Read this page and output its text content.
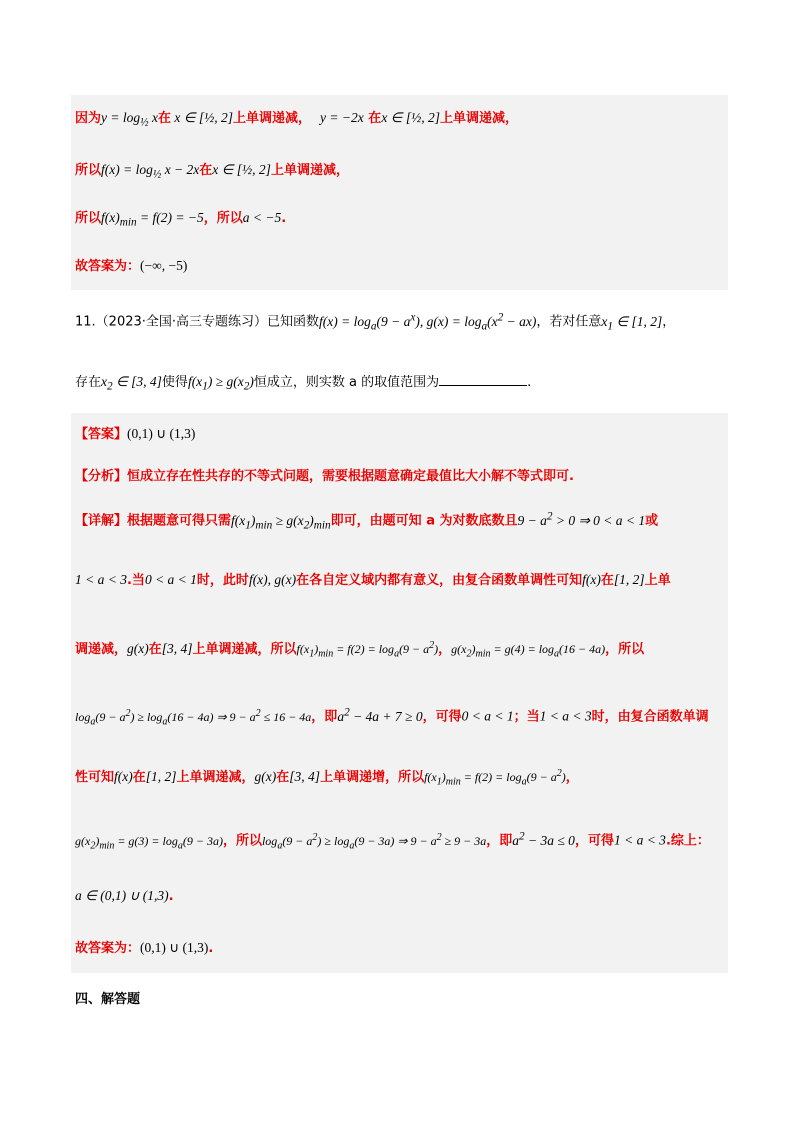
因为$y = \log_{\frac{1}{2}} x$在 x ∈ [½, 2]上单调递减， y = −2x 在x ∈ [½, 2]上单调递减，
所以$f(x) = \log_{\frac{1}{2}} x - 2x$在x ∈ [½, 2]上单调递减，
所以$f(x)_{min} = f(2) = -5$，所以a < −5.
故答案为：(−∞, −5)
11.（2023·全国·高三专题练习）已知函数$f(x) = \log_a(9 - a^x)$, $g(x) = \log_a(x^2 - ax)$，若对任意$x_1$ ∈ [1, 2]，
存在$x_2$ ∈ [3, 4]使得$f(x_1) \ge g(x_2)$恒成立，则实数 a 的取值范围为	.
【答案】(0,1) ∪ (1,3)
【分析】恒成立存在性共存的不等式问题，需要根据题意确定最值比大小解不等式即可.
【详解】根据题意可得只需$f(x_1)_{min} \ge g(x_2)_{min}$即可，由题可知 a 为对数底数且$9 - a^2 > 0$ ⇒ 0 < a < 1或
1 < a < 3.当0 < a < 1时，此时f(x), g(x)在各自定义域内都有意义，由复合函数单调性可知f(x)在[1, 2]上单
调递减，g(x)在[3, 4]上单调递减，所以$f(x_1)_{min} = f(2) = \log_a(9 - a^2)$，$g(x_2)_{min} = g(4) = \log_a(16 - 4a)$，所以
$\log_a(9 - a^2) \ge \log_a(16 - 4a)$ ⇒ $9 - a^2 \le 16 - 4a$，即$a^2 - 4a + 7 \ge 0$，可得0 < a < 1；当1 < a < 3时，由复合函数单调
性可知f(x)在[1, 2]上单调递减，g(x)在[3, 4]上单调递增，所以$f(x_1)_{min} = f(2) = \log_a(9 - a^2)$，
$g(x_2)_{min} = g(3) = \log_a(9 - 3a)$，所以$\log_a(9 - a^2) \ge \log_a(9 - 3a)$ ⇒ $9 - a^2 \ge 9 - 3a$，即$a^2 - 3a \le 0$，可得1 < a < 3.综上：
a ∈ (0,1) ∪ (1,3).
故答案为：(0,1) ∪ (1,3).
四、解答题
